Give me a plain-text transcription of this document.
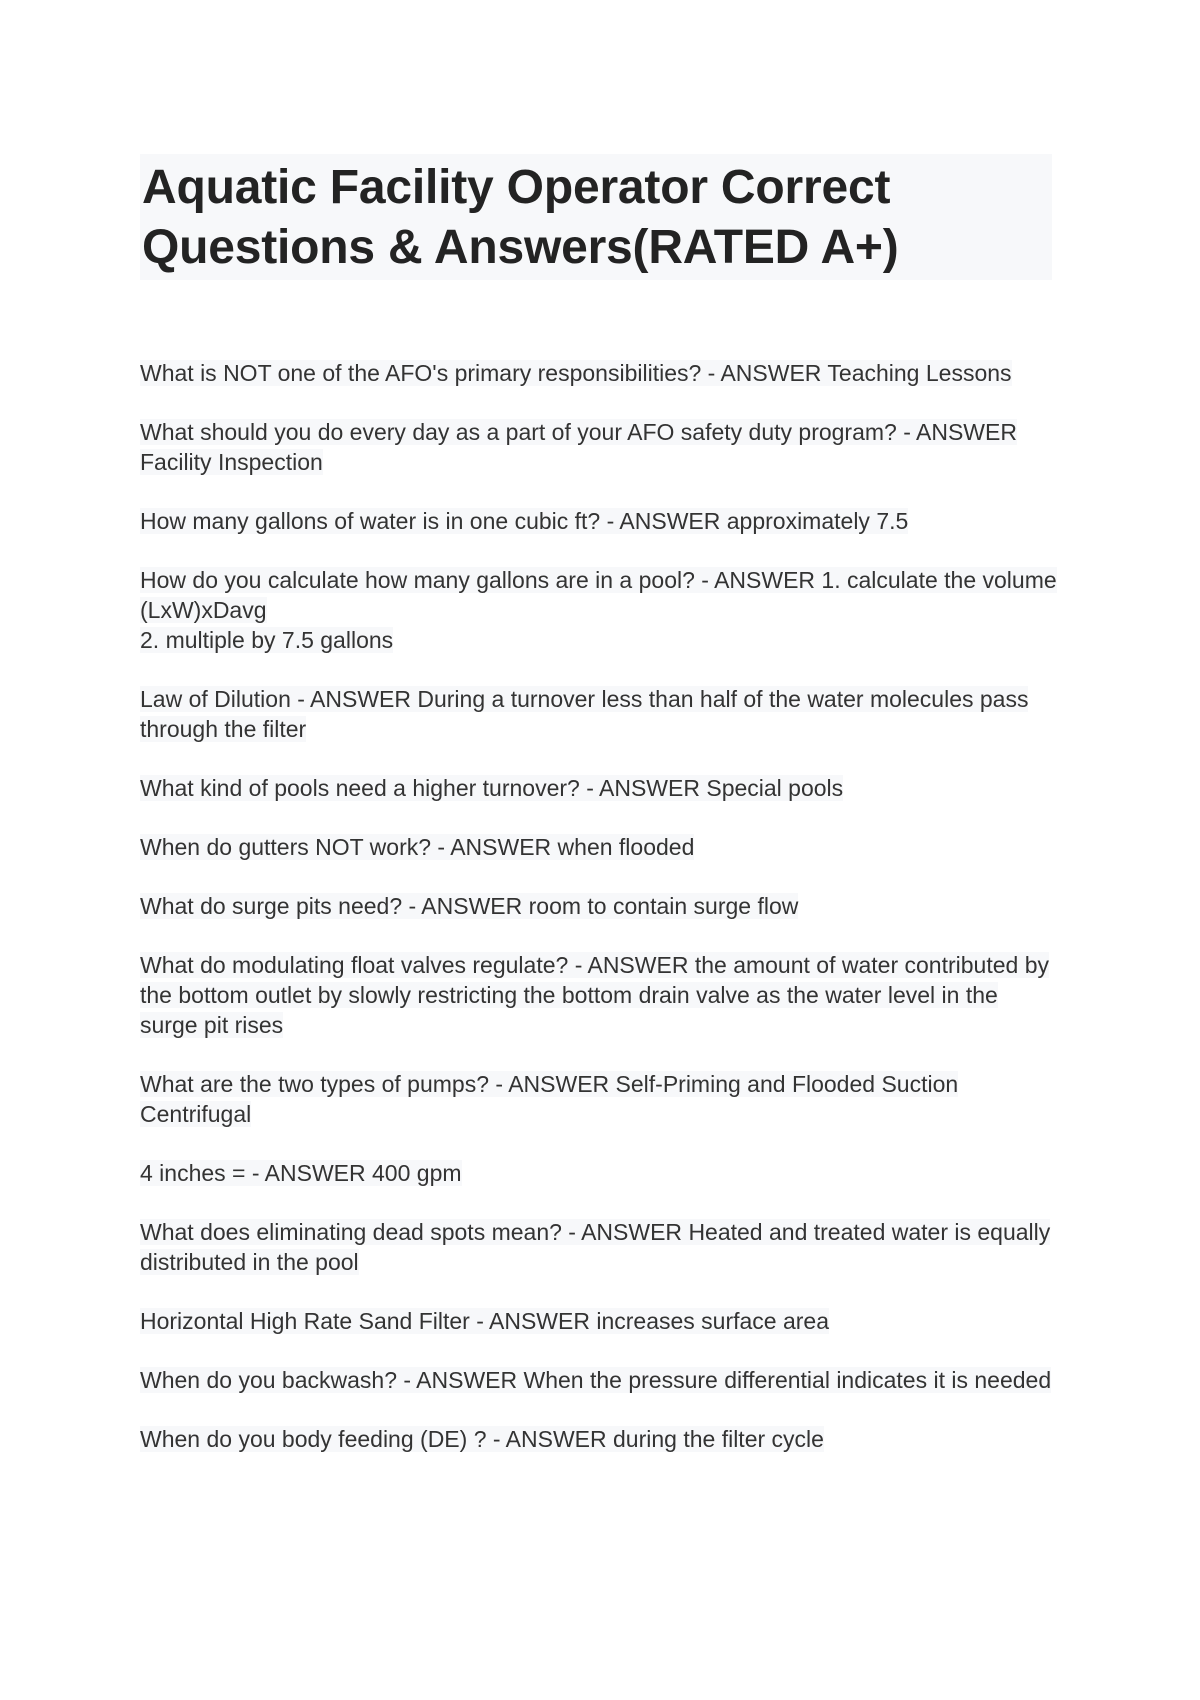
Aquatic Facility Operator Correct Questions & Answers(RATED A+)
What is NOT one of the AFO's primary responsibilities? - ANSWER Teaching Lessons
What should you do every day as a part of your AFO safety duty program? - ANSWER Facility Inspection
How many gallons of water is in one cubic ft? - ANSWER approximately 7.5
How do you calculate how many gallons are in a pool? - ANSWER 1. calculate the volume (LxW)xDavg
2. multiple by 7.5 gallons
Law of Dilution - ANSWER During a turnover less than half of the water molecules pass through the filter
What kind of pools need a higher turnover? - ANSWER Special pools
When do gutters NOT work? - ANSWER when flooded
What do surge pits need? - ANSWER room to contain surge flow
What do modulating float valves regulate? - ANSWER the amount of water contributed by the bottom outlet by slowly restricting the bottom drain valve as the water level in the surge pit rises
What are the two types of pumps? - ANSWER Self-Priming and Flooded Suction Centrifugal
4 inches = - ANSWER 400 gpm
What does eliminating dead spots mean? - ANSWER Heated and treated water is equally distributed in the pool
Horizontal High Rate Sand Filter - ANSWER increases surface area
When do you backwash? - ANSWER When the pressure differential indicates it is needed
When do you body feeding (DE) ? - ANSWER during the filter cycle
